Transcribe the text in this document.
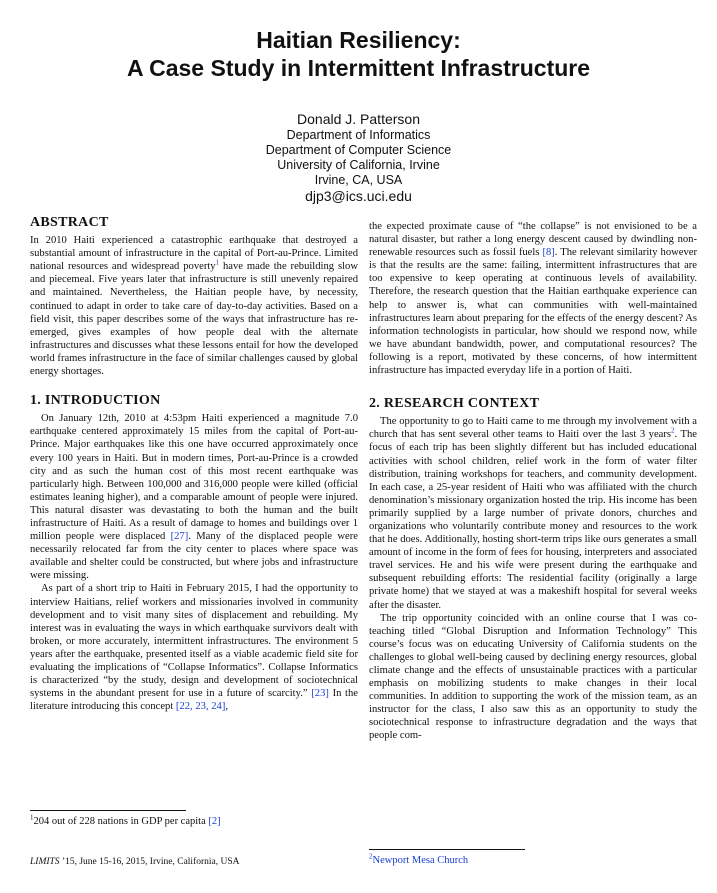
Haitian Resiliency:
A Case Study in Intermittent Infrastructure
Donald J. Patterson
Department of Informatics
Department of Computer Science
University of California, Irvine
Irvine, CA, USA
djp3@ics.uci.edu
ABSTRACT

In 2010 Haiti experienced a catastrophic earthquake that destroyed a substantial amount of infrastructure in the capital of Port-au-Prince. Limited national resources and widespread poverty$^1$ have made the rebuilding slow and piecemeal. Five years later that infrastructure is still unevenly repaired and maintained. Nevertheless, the Haitian people have, by necessity, continued to adapt in order to take care of day-to-day activities. Based on a field visit, this paper describes some of the ways that infrastructure has re-emerged, gives examples of how people deal with the alternate infrastructures and discusses what these lessons entail for how the developed world frames infrastructure in the face of similar challenges caused by global energy shortages.

1. INTRODUCTION

On January 12th, 2010 at 4:53pm Haiti experienced a magnitude 7.0 earthquake centered approximately 15 miles from the capital of Port-au-Prince. Major earthquakes like this one have occurred approximately once every 100 years in Haiti. But in modern times, Port-au-Prince is a crowded city and as such the human cost of this most recent earthquake was particularly high. Between 100,000 and 316,000 people were killed (official estimates leaning higher), and a comparable amount of people were injured. This natural disaster was devastating to both the human and the built infrastructure of Haiti. As a result of damage to homes and buildings over 1 million people were displaced [27]. Many of the displaced people were necessarily relocated far from the city center to places where space was available and shelter could be constructed, but where jobs and infrastructure were missing.

As part of a short trip to Haiti in February 2015, I had the opportunity to interview Haitians, relief workers and missionaries involved in community development and to visit many sites of displacement and rebuilding. My interest was in evaluating the ways in which earthquake survivors dealt with broken, or more accurately, intermittent infrastructures. The environment 5 years after the earthquake, presented itself as a viable academic field site for evaluating the implications of “Collapse Informatics”. Collapse Informatics is characterized “by the study, design and development of sociotechnical systems in the abundant present for use in a future of scarcity.” [23] In the literature introducing this concept [22, 23, 24],

the expected proximate cause of “the collapse” is not envisioned to be a natural disaster, but rather a long energy descent caused by dwindling non-renewable resources such as fossil fuels [8]. The relevant similarity however is that the results are the same: failing, intermittent infrastructures that are too expensive to keep operating at continuous levels of availability. Therefore, the research question that the Haitian earthquake experience can help to answer is, what can communities with well-maintained infrastructures learn about preparing for the effects of the energy descent? As information technologists in particular, how should we respond now, while we have abundant bandwidth, power, and computational resources? The following is a report, motivated by these concerns, of how intermittent infrastructure has impacted everyday life in a portion of Haiti.

2. RESEARCH CONTEXT

The opportunity to go to Haiti came to me through my involvement with a church that has sent several other teams to Haiti over the last 3 years$^2$. The focus of each trip has been slightly different but has included educational activities with school children, relief work in the form of water filter distribution, training workshops for teachers, and community development. In each case, a 25-year resident of Haiti who was affiliated with the church denomination’s missionary organization hosted the trip. His income has been primarily supplied by a large number of private donors, churches and organizations who voluntarily contribute money and resources to the work that he does. Additionally, hosting short-term trips like ours generates a small amount of income in the form of fees for housing, interpreters and associated travel services. He and his wife were present during the earthquake and subsequent rebuilding efforts: The residential facility (originally a large private home) that we stayed at was a makeshift hospital for several weeks after the disaster.

The trip opportunity coincided with an online course that I was co-teaching titled “Global Disruption and Information Technology” This course’s focus was on educating University of California students on the challenges to global well-being caused by declining energy resources, global climate change and the effects of unsustainable practices with a particular emphasis on mobilizing students to make changes in their local communities. In addition to supporting the work of the mission team, as an instructor for the class, I also saw this as an opportunity to study the sociotechnical response to infrastructure degradation and the ways that people com-

$^1$204 out of 228 nations in GDP per capita [2]
$^2$Newport Mesa Church
LIMITS ’15, June 15-16, 2015, Irvine, California, USA
